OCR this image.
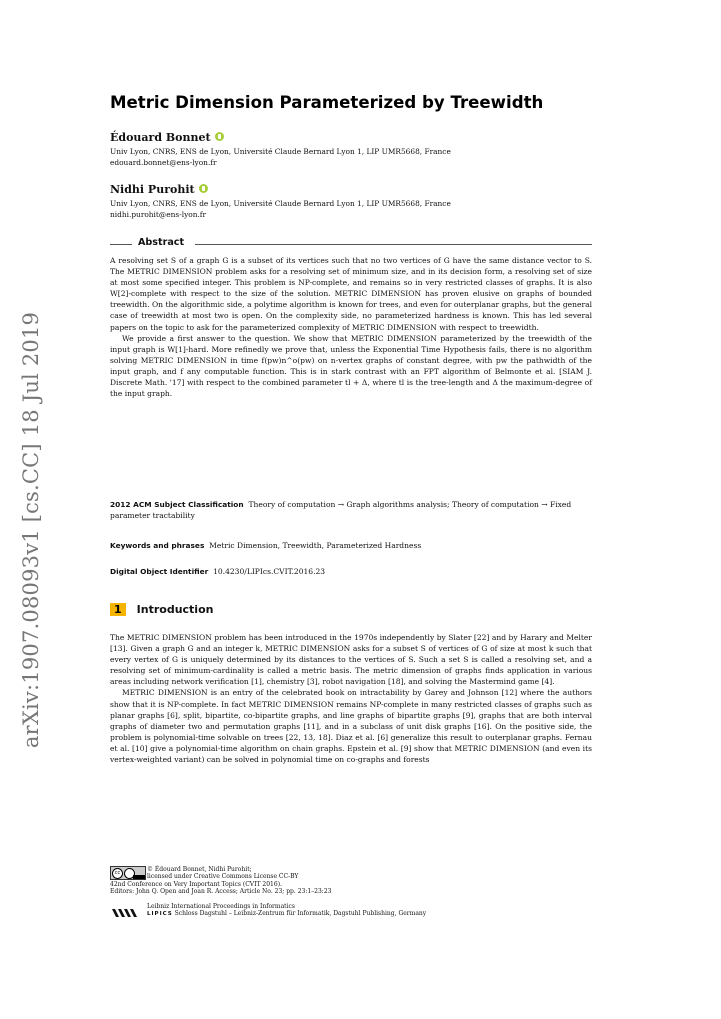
arXiv:1907.08093v1 [cs.CC] 18 Jul 2019
Metric Dimension Parameterized by Treewidth
Édouard Bonnet
Univ Lyon, CNRS, ENS de Lyon, Université Claude Bernard Lyon 1, LIP UMR5668, France
edouard.bonnet@ens-lyon.fr
Nidhi Purohit
Univ Lyon, CNRS, ENS de Lyon, Université Claude Bernard Lyon 1, LIP UMR5668, France
nidhi.purohit@ens-lyon.fr
Abstract

A resolving set S of a graph G is a subset of its vertices such that no two vertices of G have the same distance vector to S. The METRIC DIMENSION problem asks for a resolving set of minimum size, and in its decision form, a resolving set of size at most some specified integer. This problem is NP-complete, and remains so in very restricted classes of graphs. It is also W[2]-complete with respect to the size of the solution. METRIC DIMENSION has proven elusive on graphs of bounded treewidth. On the algorithmic side, a polytime algorithm is known for trees, and even for outerplanar graphs, but the general case of treewidth at most two is open. On the complexity side, no parameterized hardness is known. This has led several papers on the topic to ask for the parameterized complexity of METRIC DIMENSION with respect to treewidth.

We provide a first answer to the question. We show that METRIC DIMENSION parameterized by the treewidth of the input graph is W[1]-hard. More refinedly we prove that, unless the Exponential Time Hypothesis fails, there is no algorithm solving METRIC DIMENSION in time f(pw)n^o(pw) on n-vertex graphs of constant degree, with pw the pathwidth of the input graph, and f any computable function. This is in stark contrast with an FPT algorithm of Belmonte et al. [SIAM J. Discrete Math. '17] with respect to the combined parameter tl + Δ, where tl is the tree-length and Δ the maximum-degree of the input graph.

2012 ACM Subject Classification Theory of computation → Graph algorithms analysis; Theory of computation → Fixed parameter tractability
Keywords and phrases Metric Dimension, Treewidth, Parameterized Hardness
Digital Object Identifier 10.4230/LIPIcs.CVIT.2016.23
1 Introduction

The METRIC DIMENSION problem has been introduced in the 1970s independently by Slater [22] and by Harary and Melter [13]. Given a graph G and an integer k, METRIC DIMENSION asks for a subset S of vertices of G of size at most k such that every vertex of G is uniquely determined by its distances to the vertices of S. Such a set S is called a resolving set, and a resolving set of minimum-cardinality is called a metric basis. The metric dimension of graphs finds application in various areas including network verification [1], chemistry [3], robot navigation [18], and solving the Mastermind game [4].

METRIC DIMENSION is an entry of the celebrated book on intractability by Garey and Johnson [12] where the authors show that it is NP-complete. In fact METRIC DIMENSION remains NP-complete in many restricted classes of graphs such as planar graphs [6], split, bipartite, co-bipartite graphs, and line graphs of bipartite graphs [9], graphs that are both interval graphs of diameter two and permutation graphs [11], and in a subclass of unit disk graphs [16]. On the positive side, the problem is polynomial-time solvable on trees [22, 13, 18]. Diaz et al. [6] generalize this result to outerplanar graphs. Fernau et al. [10] give a polynomial-time algorithm on chain graphs. Epstein et al. [9] show that METRIC DIMENSION (and even its vertex-weighted variant) can be solved in polynomial time on co-graphs and forests

cc	© Édouard Bonnet, Nidhi Purohit;
licensed under Creative Commons License CC-BY
42nd Conference on Very Important Topics (CVIT 2016).
Editors: John Q. Open and Joan R. Access; Article No. 23; pp. 23:1–23:23
Leibniz International Proceedings in Informatics
LIPICS Schloss Dagstuhl – Leibniz-Zentrum für Informatik, Dagstuhl Publishing, Germany
